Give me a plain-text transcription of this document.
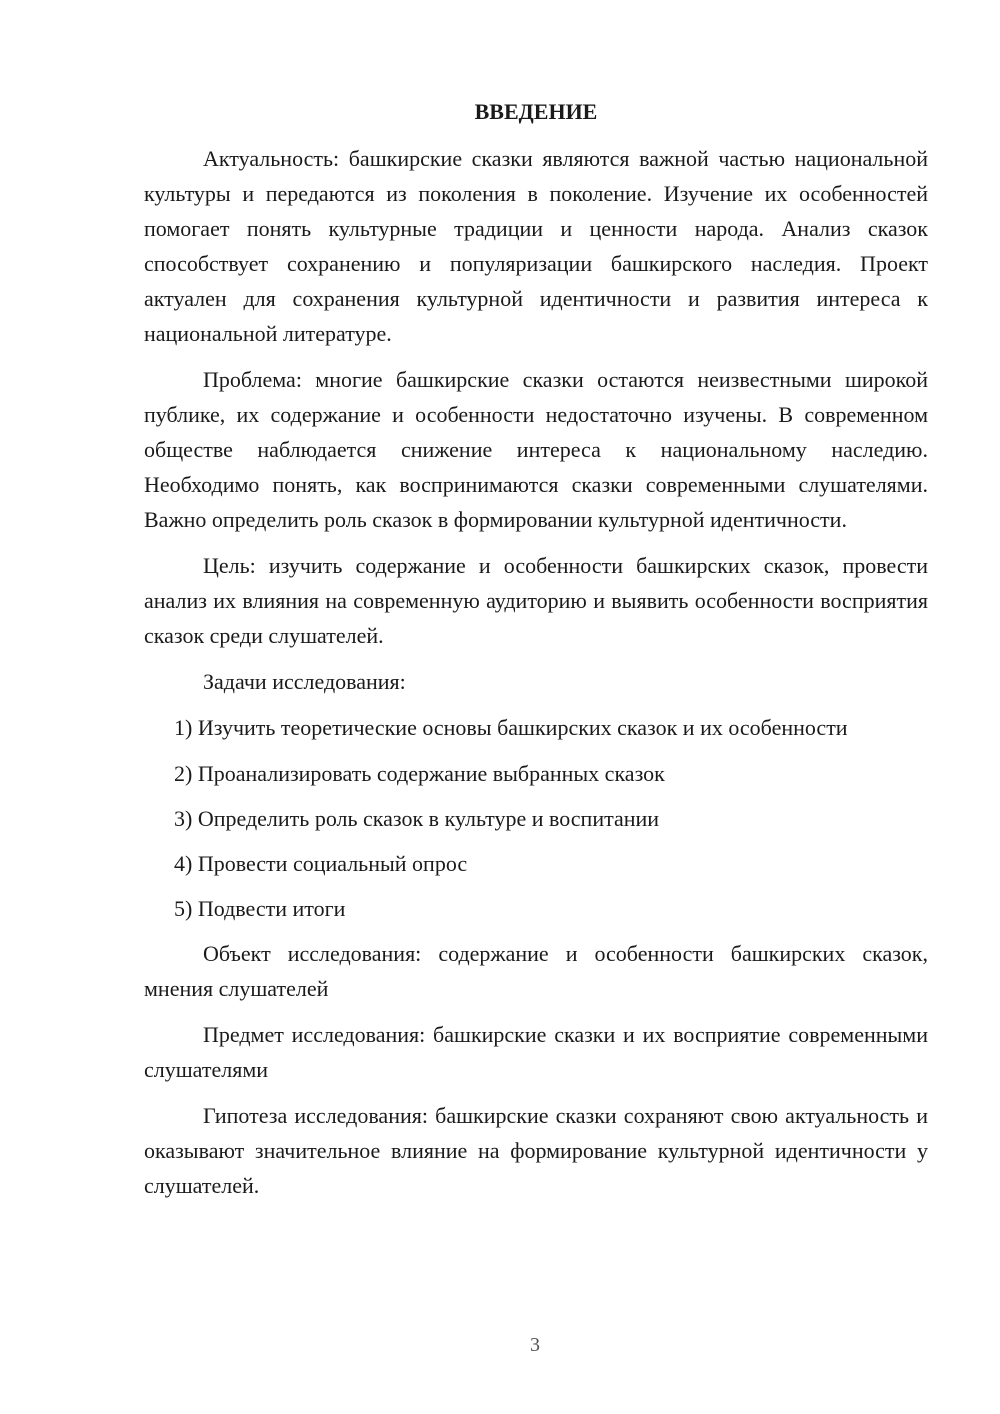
ВВЕДЕНИЕ

Актуальность: башкирские сказки являются важной частью национальной культуры и передаются из поколения в поколение. Изучение их особенностей помогает понять культурные традиции и ценности народа. Анализ сказок способствует сохранению и популяризации башкирского наследия. Проект актуален для сохранения культурной идентичности и развития интереса к национальной литературе.

Проблема: многие башкирские сказки остаются неизвестными широкой публике, их содержание и особенности недостаточно изучены. В современном обществе наблюдается снижение интереса к национальному наследию. Необходимо понять, как воспринимаются сказки современными слушателями. Важно определить роль сказок в формировании культурной идентичности.

Цель: изучить содержание и особенности башкирских сказок, провести анализ их влияния на современную аудиторию и выявить особенности восприятия сказок среди слушателей.

Задачи исследования:

1) Изучить теоретические основы башкирских сказок и их особенности

2) Проанализировать содержание выбранных сказок

3) Определить роль сказок в культуре и воспитании

4) Провести социальный опрос

5) Подвести итоги

Объект исследования: содержание и особенности башкирских сказок, мнения слушателей

Предмет исследования: башкирские сказки и их восприятие современными слушателями

Гипотеза исследования: башкирские сказки сохраняют свою актуальность и оказывают значительное влияние на формирование культурной идентичности у слушателей.

3
